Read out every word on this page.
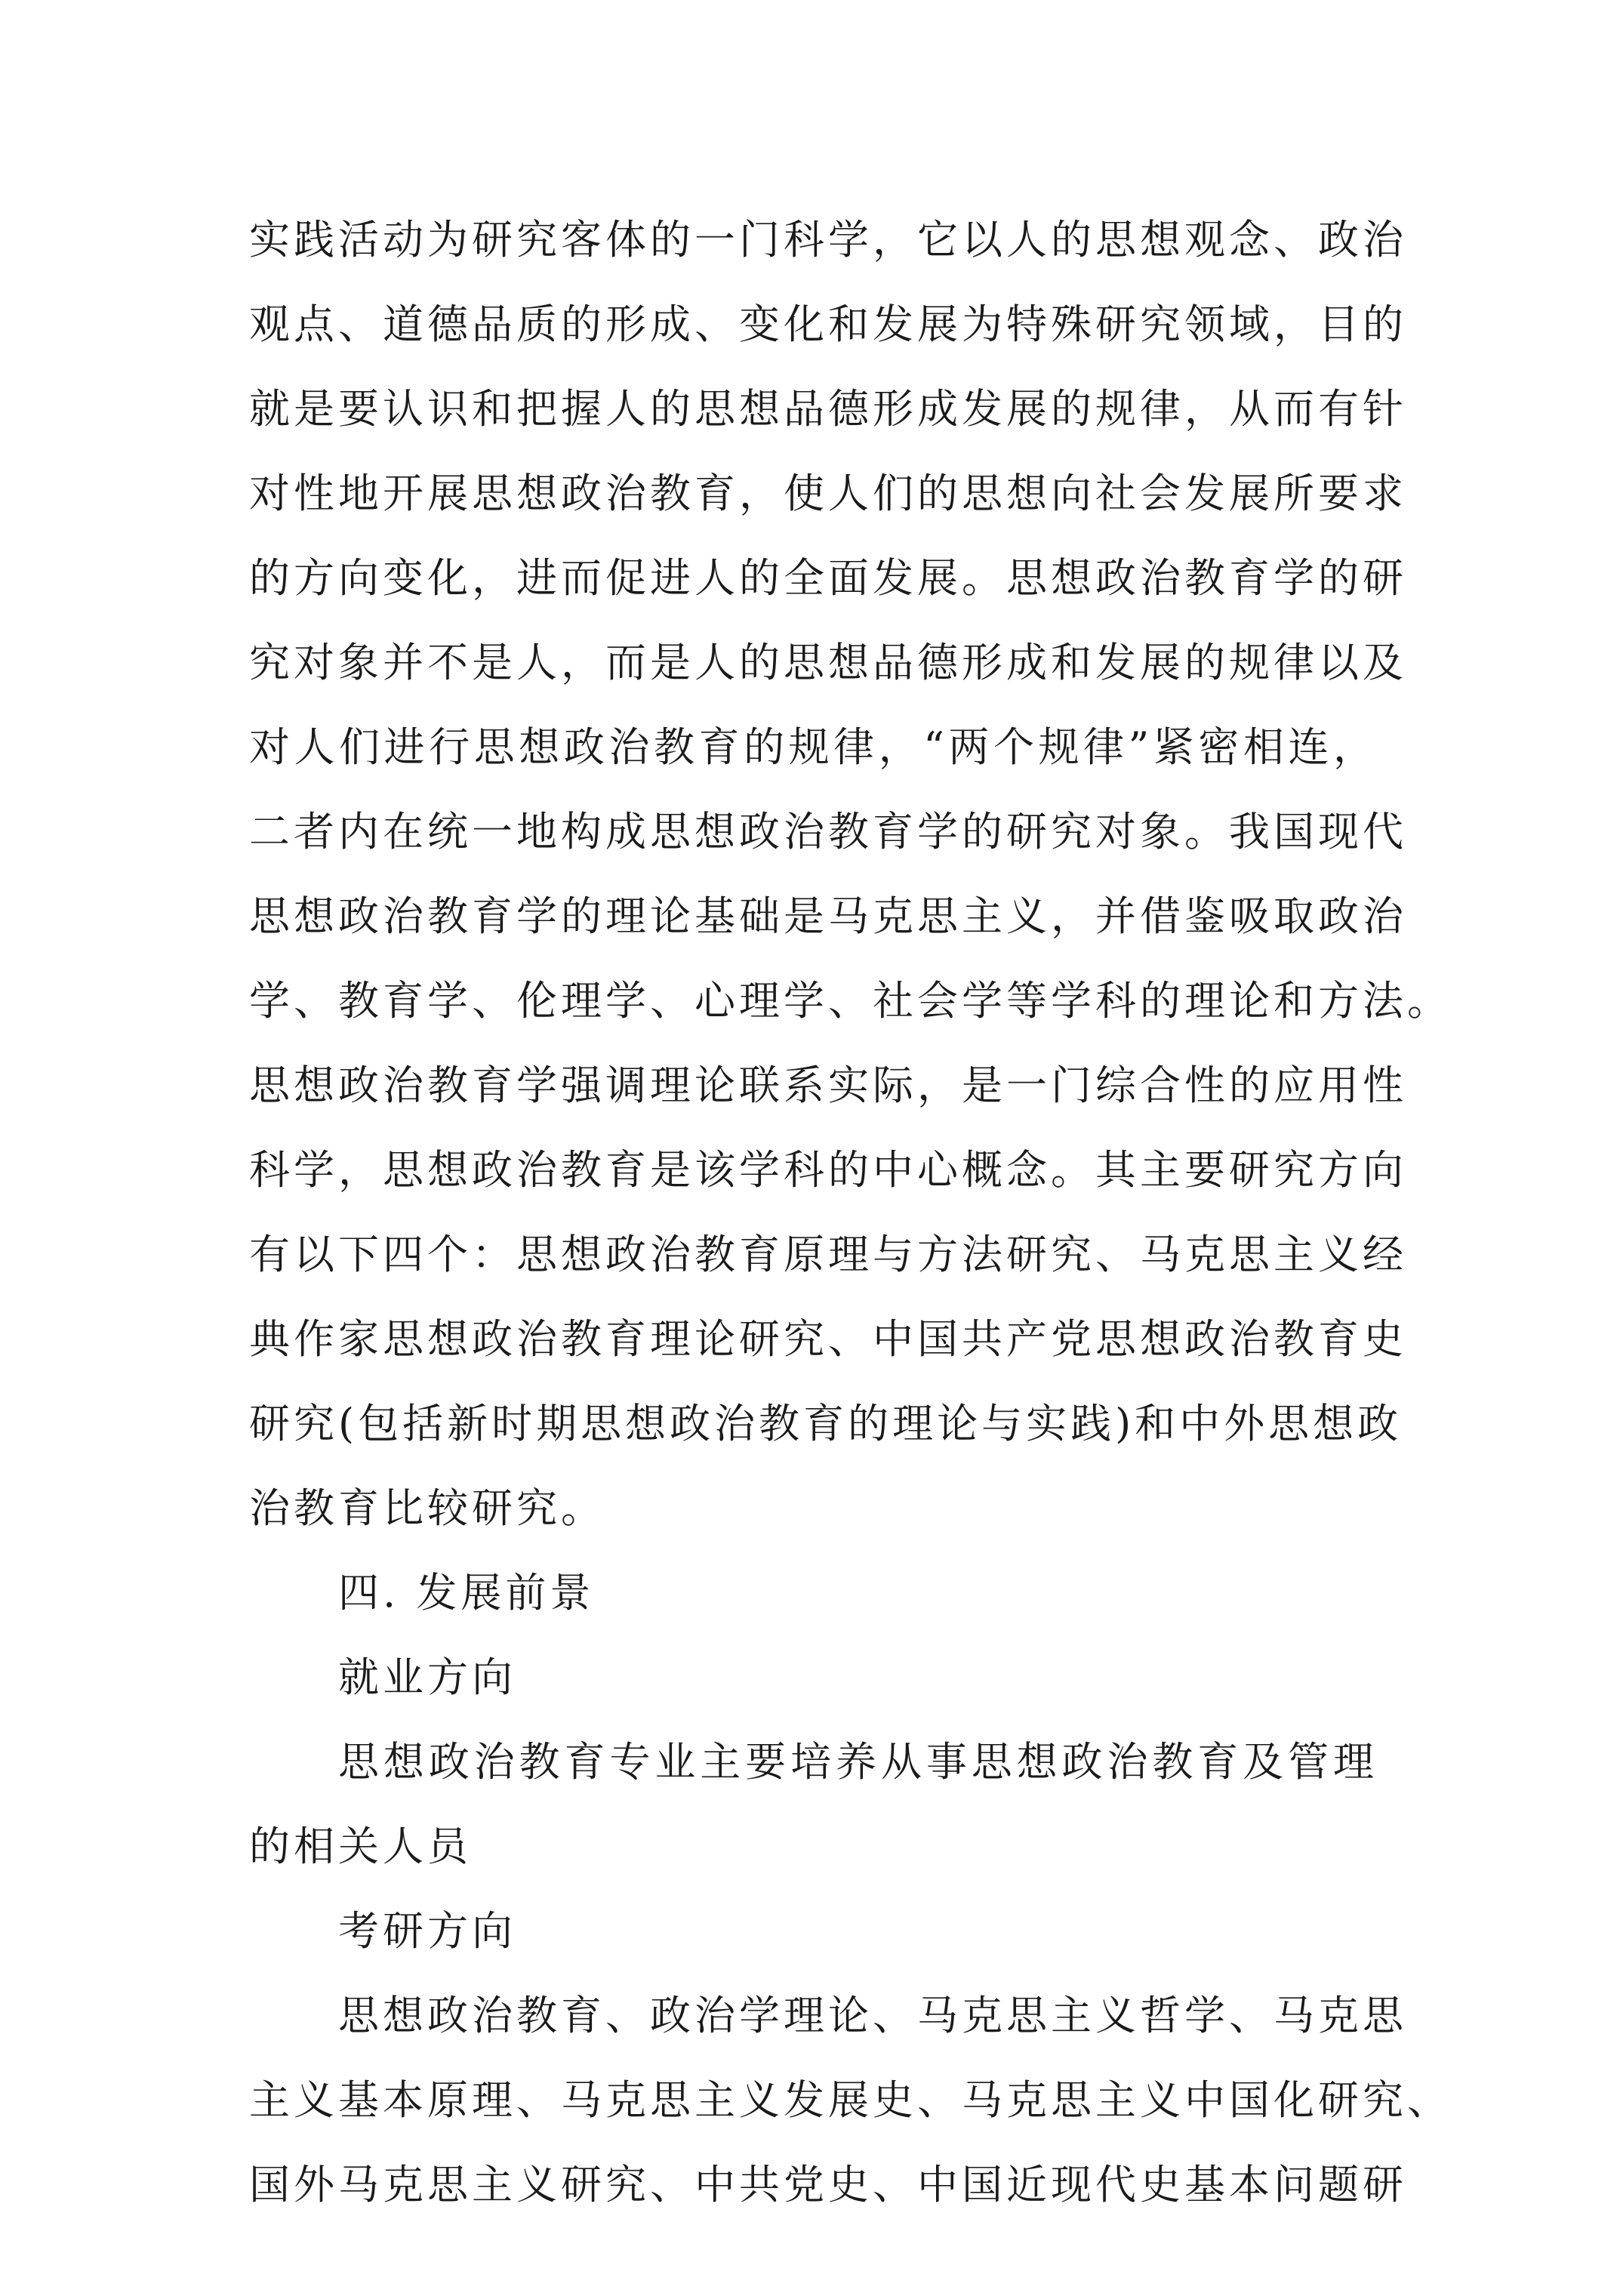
实践活动为研究客体的一门科学，它以人的思想观念、政治
观点、道德品质的形成、变化和发展为特殊研究领域，目的
就是要认识和把握人的思想品德形成发展的规律，从而有针
对性地开展思想政治教育，使人们的思想向社会发展所要求
的方向变化，进而促进人的全面发展。思想政治教育学的研
究对象并不是人，而是人的思想品德形成和发展的规律以及
对人们进行思想政治教育的规律，“两个规律”紧密相连，
二者内在统一地构成思想政治教育学的研究对象。我国现代
思想政治教育学的理论基础是马克思主义，并借鉴吸取政治
学、教育学、伦理学、心理学、社会学等学科的理论和方法。
思想政治教育学强调理论联系实际，是一门综合性的应用性
科学，思想政治教育是该学科的中心概念。其主要研究方向
有以下四个：思想政治教育原理与方法研究、马克思主义经
典作家思想政治教育理论研究、中国共产党思想政治教育史
研究(包括新时期思想政治教育的理论与实践)和中外思想政
治教育比较研究。
四. 发展前景
就业方向
思想政治教育专业主要培养从事思想政治教育及管理
的相关人员
考研方向
思想政治教育、政治学理论、马克思主义哲学、马克思
主义基本原理、马克思主义发展史、马克思主义中国化研究、
国外马克思主义研究、中共党史、中国近现代史基本问题研
